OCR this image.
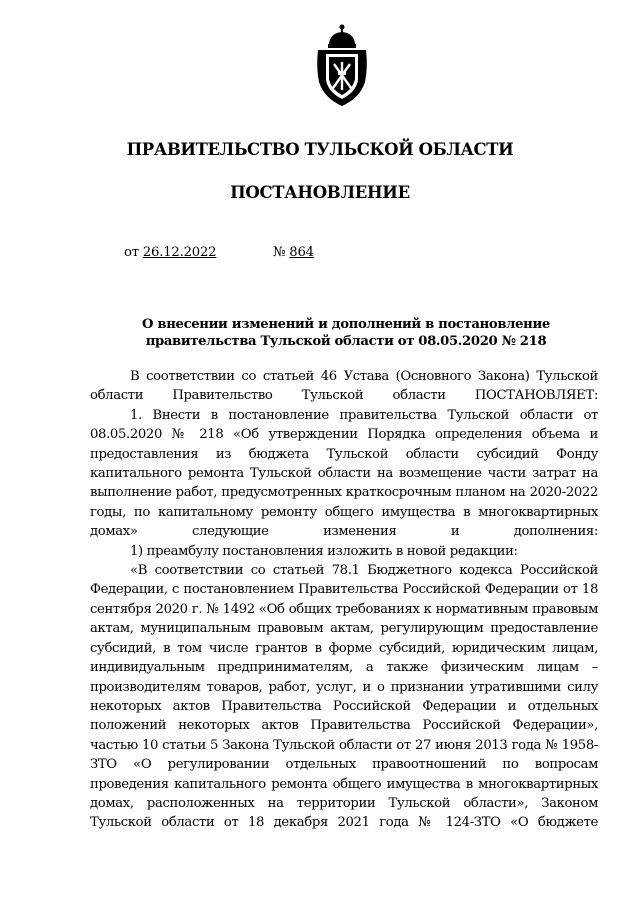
ПРАВИТЕЛЬСТВО ТУЛЬСКОЙ ОБЛАСТИ
ПОСТАНОВЛЕНИЕ
от 26.12.2022	№ 864
О внесении изменений и дополнений в постановление правительства Тульской области от 08.05.2020 № 218

В соответствии со статьей 46 Устава (Основного Закона) Тульской области Правительство Тульской области ПОСТАНОВЛЯЕТ:

1. Внести в постановление правительства Тульской области от 08.05.2020 № 218 «Об утверждении Порядка определения объема и предоставления из бюджета Тульской области субсидий Фонду капитального ремонта Тульской области на возмещение части затрат на выполнение работ, предусмотренных краткосрочным планом на 2020-2022 годы, по капитальному ремонту общего имущества в многоквартирных домах» следующие изменения и дополнения:

1) преамбулу постановления изложить в новой редакции:

«В соответствии со статьей 78.1 Бюджетного кодекса Российской Федерации, с постановлением Правительства Российской Федерации от 18 сентября 2020 г. № 1492 «Об общих требованиях к нормативным правовым актам, муниципальным правовым актам, регулирующим предоставление субсидий, в том числе грантов в форме субсидий, юридическим лицам, индивидуальным предпринимателям, а также физическим лицам – производителям товаров, работ, услуг, и о признании утратившими силу некоторых актов Правительства Российской Федерации и отдельных положений некоторых актов Правительства Российской Федерации», частью 10 статьи 5 Закона Тульской области от 27 июня 2013 года № 1958-ЗТО «О регулировании отдельных правоотношений по вопросам проведения капитального ремонта общего имущества в многоквартирных домах, расположенных на территории Тульской области», Законом Тульской области от 18 декабря 2021 года № 124-ЗТО «О бюджете
